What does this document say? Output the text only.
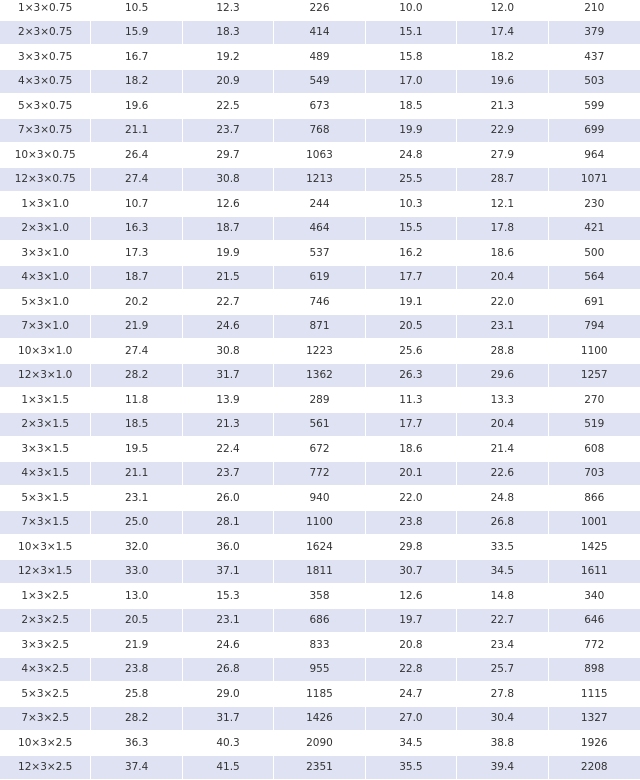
1×3×0.75	10.5	12.3	226	10.0	12.0	210
2×3×0.75	15.9	18.3	414	15.1	17.4	379
3×3×0.75	16.7	19.2	489	15.8	18.2	437
4×3×0.75	18.2	20.9	549	17.0	19.6	503
5×3×0.75	19.6	22.5	673	18.5	21.3	599
7×3×0.75	21.1	23.7	768	19.9	22.9	699
10×3×0.75	26.4	29.7	1063	24.8	27.9	964
12×3×0.75	27.4	30.8	1213	25.5	28.7	1071
1×3×1.0	10.7	12.6	244	10.3	12.1	230
2×3×1.0	16.3	18.7	464	15.5	17.8	421
3×3×1.0	17.3	19.9	537	16.2	18.6	500
4×3×1.0	18.7	21.5	619	17.7	20.4	564
5×3×1.0	20.2	22.7	746	19.1	22.0	691
7×3×1.0	21.9	24.6	871	20.5	23.1	794
10×3×1.0	27.4	30.8	1223	25.6	28.8	1100
12×3×1.0	28.2	31.7	1362	26.3	29.6	1257
1×3×1.5	11.8	13.9	289	11.3	13.3	270
2×3×1.5	18.5	21.3	561	17.7	20.4	519
3×3×1.5	19.5	22.4	672	18.6	21.4	608
4×3×1.5	21.1	23.7	772	20.1	22.6	703
5×3×1.5	23.1	26.0	940	22.0	24.8	866
7×3×1.5	25.0	28.1	1100	23.8	26.8	1001
10×3×1.5	32.0	36.0	1624	29.8	33.5	1425
12×3×1.5	33.0	37.1	1811	30.7	34.5	1611
1×3×2.5	13.0	15.3	358	12.6	14.8	340
2×3×2.5	20.5	23.1	686	19.7	22.7	646
3×3×2.5	21.9	24.6	833	20.8	23.4	772
4×3×2.5	23.8	26.8	955	22.8	25.7	898
5×3×2.5	25.8	29.0	1185	24.7	27.8	1115
7×3×2.5	28.2	31.7	1426	27.0	30.4	1327
10×3×2.5	36.3	40.3	2090	34.5	38.8	1926
12×3×2.5	37.4	41.5	2351	35.5	39.4	2208
